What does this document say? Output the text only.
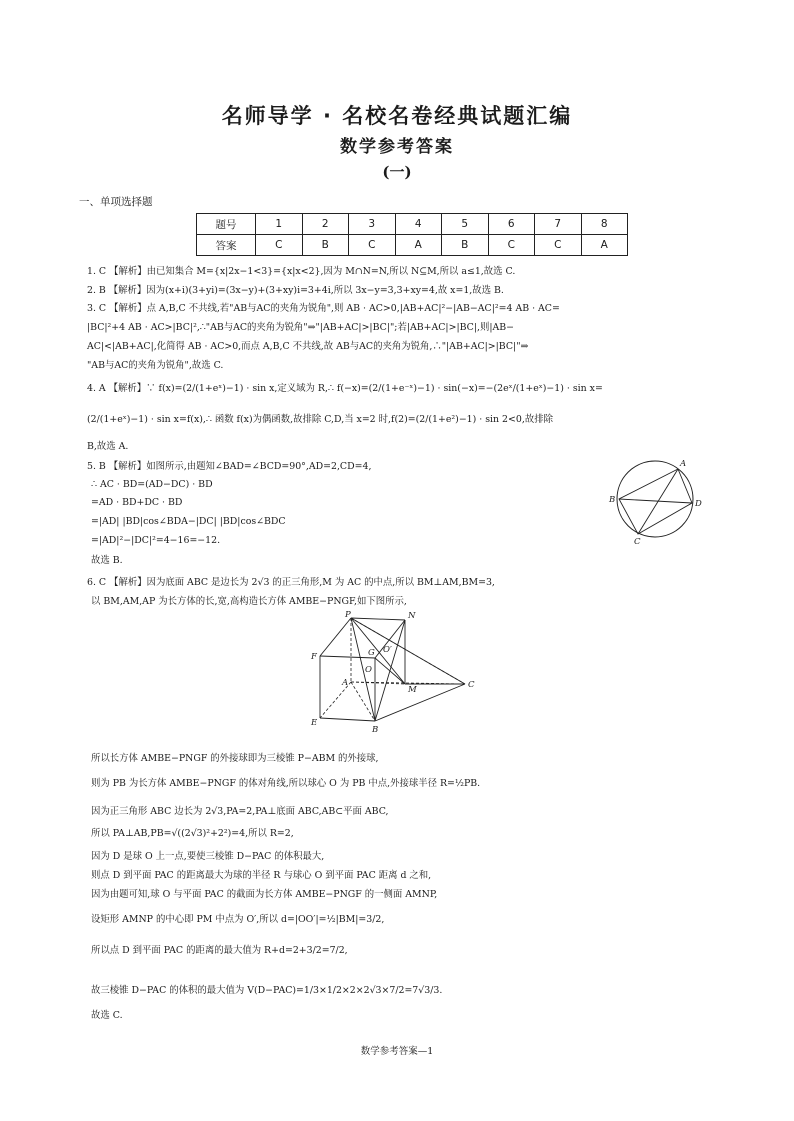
名师导学 · 名校名卷经典试题汇编
数学参考答案
(一)
一、单项选择题
题号	1	2	3	4	5	6	7	8
答案	C	B	C	A	B	C	C	A
1. C 【解析】由已知集合 M={x|2x−1<3}={x|x<2},因为 M∩N=N,所以 N⊆M,所以 a≤1,故选 C.
2. B 【解析】因为(x+i)(3+yi)=(3x−y)+(3+xy)i=3+4i,所以 3x−y=3,3+xy=4,故 x=1,故选 B.
3. C 【解析】点 A,B,C 不共线,若"AB与AC的夹角为锐角",则 AB · AC>0,|AB+AC|²−|AB−AC|²=4 AB · AC=
|BC|²+4 AB · AC>|BC|²,∴"AB与AC的夹角为锐角"⇒"|AB+AC|>|BC|";若|AB+AC|>|BC|,则|AB−
AC|<|AB+AC|,化简得 AB · AC>0,而点 A,B,C 不共线,故 AB与AC的夹角为锐角,∴"|AB+AC|>|BC|"⇒
"AB与AC的夹角为锐角",故选 C.
4. A 【解析】∵ f(x)=(2/(1+eˣ)−1) · sin x,定义域为 R,∴ f(−x)=(2/(1+e⁻ˣ)−1) · sin(−x)=−(2eˣ/(1+eˣ)−1) · sin x=
(2/(1+eˣ)−1) · sin x=f(x),∴ 函数 f(x)为偶函数,故排除 C,D,当 x=2 时,f(2)=(2/(1+e²)−1) · sin 2<0,故排除
B,故选 A.
5. B 【解析】如图所示,由题知∠BAD=∠BCD=90°,AD=2,CD=4,
∴ AC · BD=(AD−DC) · BD
=AD · BD+DC · BD
=|AD| |BD|cos∠BDA−|DC| |BD|cos∠BDC
=|AD|²−|DC|²=4−16=−12.
故选 B.
A
B
C
D
6. C 【解析】因为底面 ABC 是边长为 2√3 的正三角形,M 为 AC 的中点,所以 BM⊥AM,BM=3,
以 BM,AM,AP 为长方体的长,宽,高构造长方体 AMBE−PNGF,如下图所示,
P	N
F	G O′
O
A
M	C
E
B
所以长方体 AMBE−PNGF 的外接球即为三棱锥 P−ABM 的外接球,
则为 PB 为长方体 AMBE−PNGF 的体对角线,所以球心 O 为 PB 中点,外接球半径 R=½PB.
因为正三角形 ABC 边长为 2√3,PA=2,PA⊥底面 ABC,AB⊂平面 ABC,
所以 PA⊥AB,PB=√((2√3)²+2²)=4,所以 R=2,
因为 D 是球 O 上一点,要使三棱锥 D−PAC 的体积最大,
则点 D 到平面 PAC 的距离最大为球的半径 R 与球心 O 到平面 PAC 距离 d 之和,
因为由题可知,球 O 与平面 PAC 的截面为长方体 AMBE−PNGF 的一侧面 AMNP,
设矩形 AMNP 的中心即 PM 中点为 O′,所以 d=|OO′|=½|BM|=3/2,
所以点 D 到平面 PAC 的距离的最大值为 R+d=2+3/2=7/2,
故三棱锥 D−PAC 的体积的最大值为 V(D−PAC)=1/3×1/2×2×2√3×7/2=7√3/3.
故选 C.
数学参考答案—1
